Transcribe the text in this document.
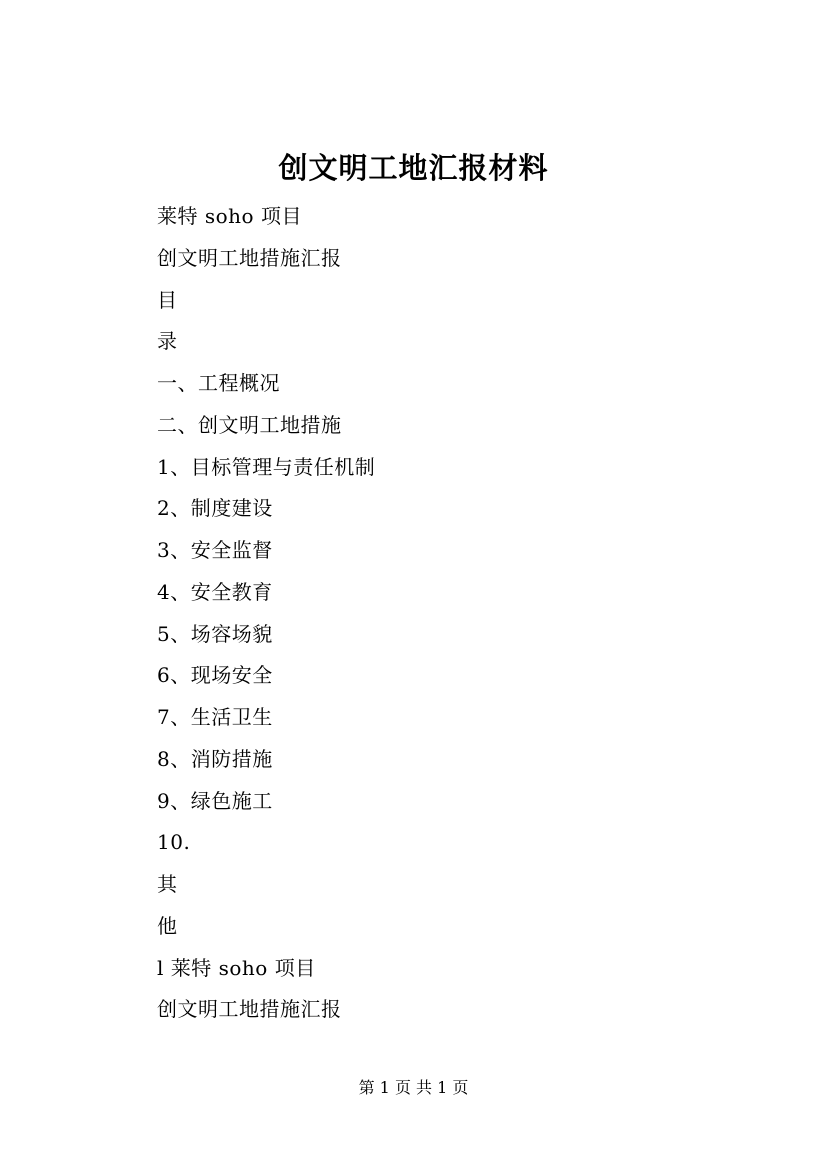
创文明工地汇报材料
莱特 soho 项目
创文明工地措施汇报
目
录
一、工程概况
二、创文明工地措施
1、目标管理与责任机制
2、制度建设
3、安全监督
4、安全教育
5、场容场貌
6、现场安全
7、生活卫生
8、消防措施
9、绿色施工
10.
其
他
l 莱特 soho 项目
创文明工地措施汇报
第 1 页 共 1 页
